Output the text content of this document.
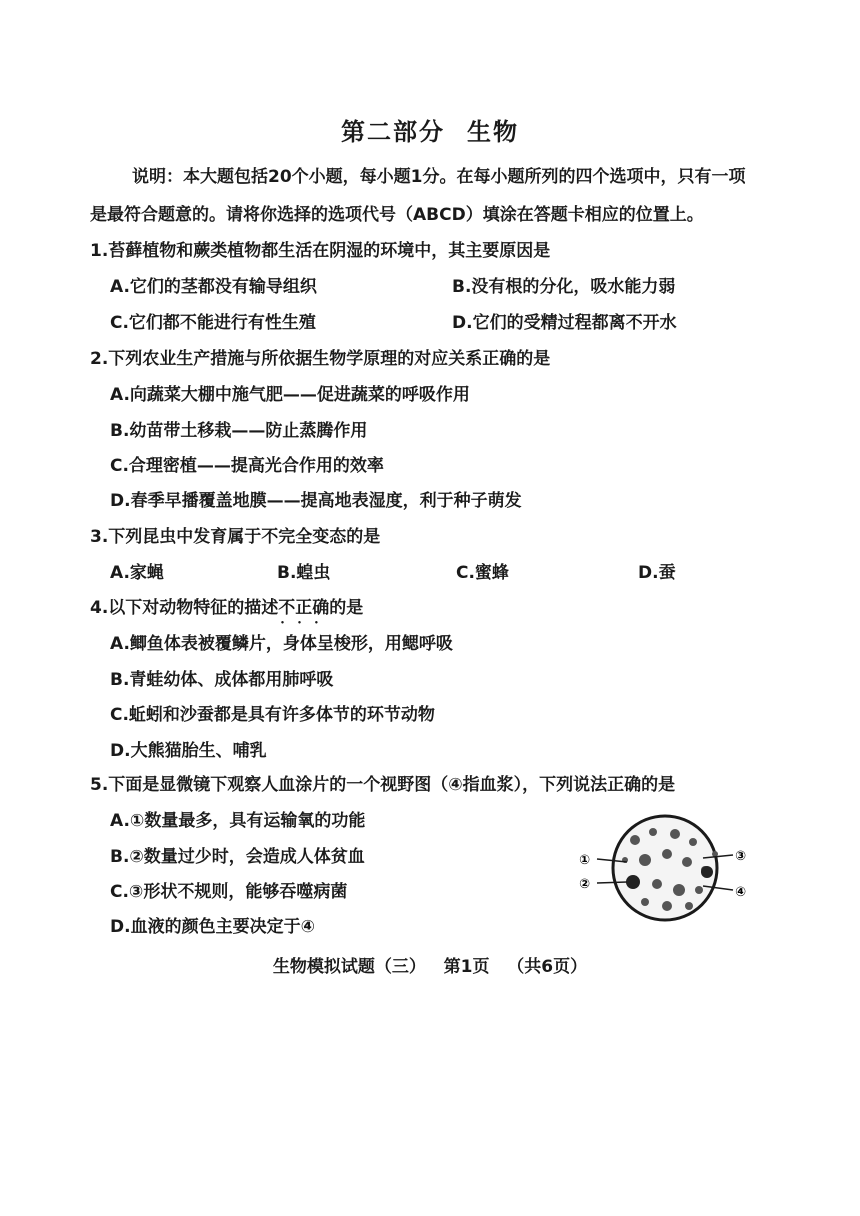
第二部分 生物
说明：本大题包括20个小题，每小题1分。在每小题所列的四个选项中，只有一项
是最符合题意的。请将你选择的选项代号（ABCD）填涂在答题卡相应的位置上。
1.苔藓植物和蕨类植物都生活在阴湿的环境中，其主要原因是
A.它们的茎都没有输导组织	B.没有根的分化，吸水能力弱
C.它们都不能进行有性生殖	D.它们的受精过程都离不开水
2.下列农业生产措施与所依据生物学原理的对应关系正确的是
A.向蔬菜大棚中施气肥——促进蔬菜的呼吸作用
B.幼苗带土移栽——防止蒸腾作用
C.合理密植——提高光合作用的效率
D.春季早播覆盖地膜——提高地表湿度，利于种子萌发
3.下列昆虫中发育属于不完全变态的是
A.家蝇	B.蝗虫	C.蜜蜂	D.蚕
4.以下对动物特征的描述不正确 • • •的是
A.鲫鱼体表被覆鳞片，身体呈梭形，用鳃呼吸
B.青蛙幼体、成体都用肺呼吸
C.蚯蚓和沙蚕都是具有许多体节的环节动物
D.大熊猫胎生、哺乳
5.下面是显微镜下观察人血涂片的一个视野图（④指血浆），下列说法正确的是
A.①数量最多，具有运输氧的功能
B.②数量过少时，会造成人体贫血
C.③形状不规则，能够吞噬病菌
D.血液的颜色主要决定于④
①
②
③
④
生物模拟试题（三）   第1页   （共6页）
